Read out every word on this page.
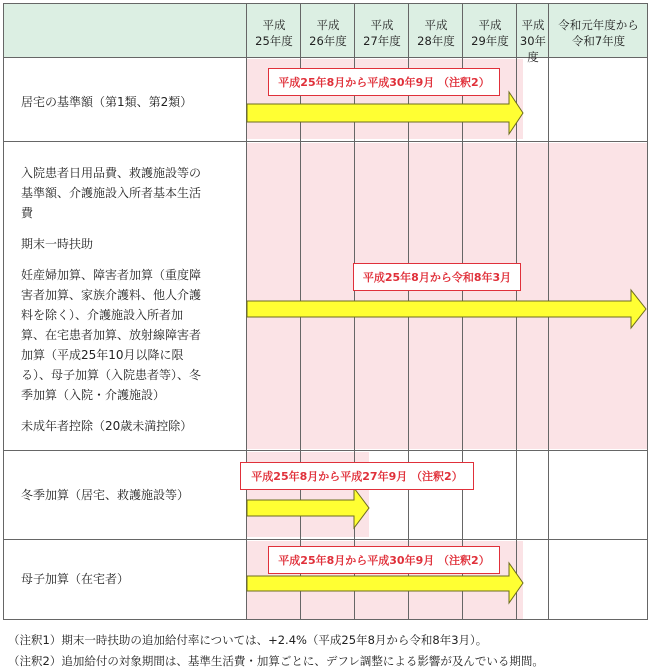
平成
25年度
平成
26年度
平成
27年度
平成
28年度
平成
29年度
平成
30年度
令和元年度から
令和7年度
居宅の基準額（第1類、第2類）
平成25年8月から平成30年9月 （注釈2）
入院患者日用品費、救護施設等の
基準額、介護施設入所者基本生活
費
期末一時扶助
妊産婦加算、障害者加算（重度障
害者加算、家族介護料、他人介護
料を除く）、介護施設入所者加
算、在宅患者加算、放射線障害者
加算（平成25年10月以降に限
る）、母子加算（入院患者等）、冬
季加算（入院・介護施設）
未成年者控除（20歳未満控除）
平成25年8月から令和8年3月
冬季加算（居宅、救護施設等）
平成25年8月から平成27年9月 （注釈2）
母子加算（在宅者）
平成25年8月から平成30年9月 （注釈2）
（注釈1）期末一時扶助の追加給付率については、+2.4%（平成25年8月から令和8年3月）。
（注釈2）追加給付の対象期間は、基準生活費・加算ごとに、デフレ調整による影響が及んでいる期間。
